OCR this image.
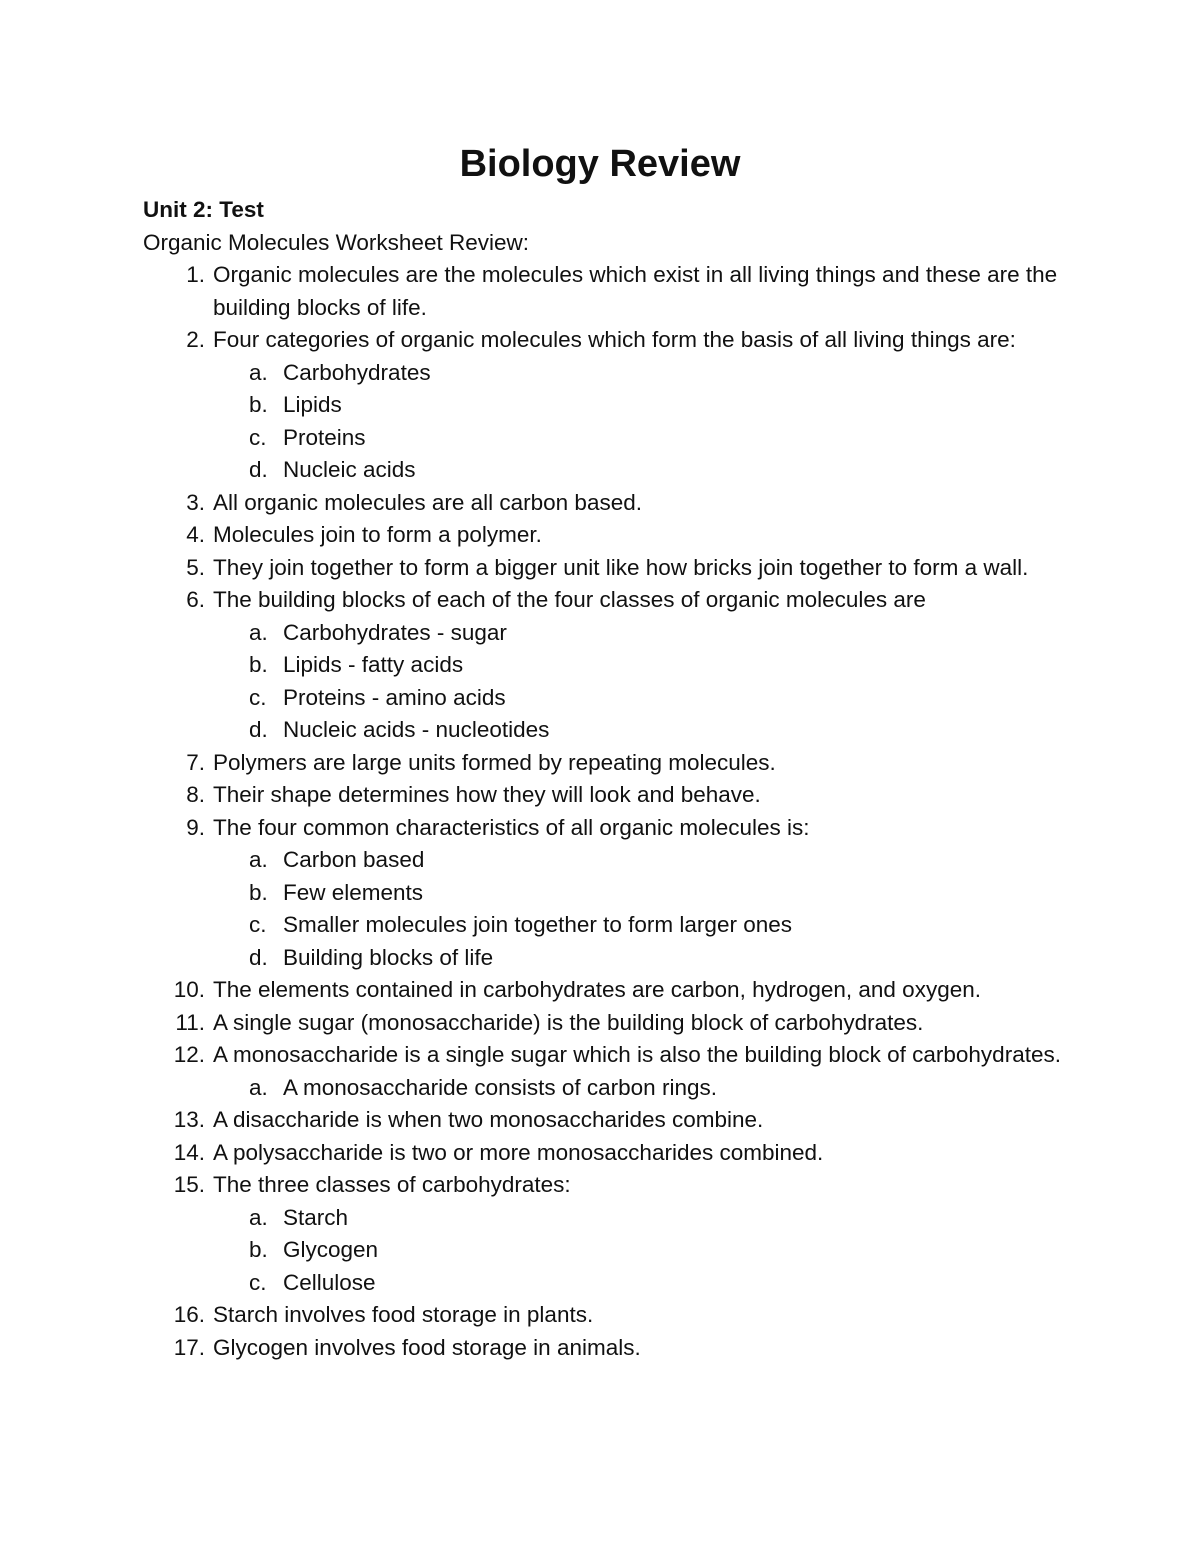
Biology Review

Unit 2: Test

Organic Molecules Worksheet Review:

1. Organic molecules are the molecules which exist in all living things and these are the building blocks of life.
2. Four categories of organic molecules which form the basis of all living things are:
a. Carbohydrates
b. Lipids
c. Proteins
d. Nucleic acids
3. All organic molecules are all carbon based.
4. Molecules join to form a polymer.
5. They join together to form a bigger unit like how bricks join together to form a wall.
6. The building blocks of each of the four classes of organic molecules are
a. Carbohydrates - sugar
b. Lipids - fatty acids
c. Proteins - amino acids
d. Nucleic acids - nucleotides
7. Polymers are large units formed by repeating molecules.
8. Their shape determines how they will look and behave.
9. The four common characteristics of all organic molecules is:
a. Carbon based
b. Few elements
c. Smaller molecules join together to form larger ones
d. Building blocks of life
10. The elements contained in carbohydrates are carbon, hydrogen, and oxygen.
11. A single sugar (monosaccharide) is the building block of carbohydrates.
12. A monosaccharide is a single sugar which is also the building block of carbohydrates.
a. A monosaccharide consists of carbon rings.
13. A disaccharide is when two monosaccharides combine.
14. A polysaccharide is two or more monosaccharides combined.
15. The three classes of carbohydrates:
a. Starch
b. Glycogen
c. Cellulose
16. Starch involves food storage in plants.
17. Glycogen involves food storage in animals.
